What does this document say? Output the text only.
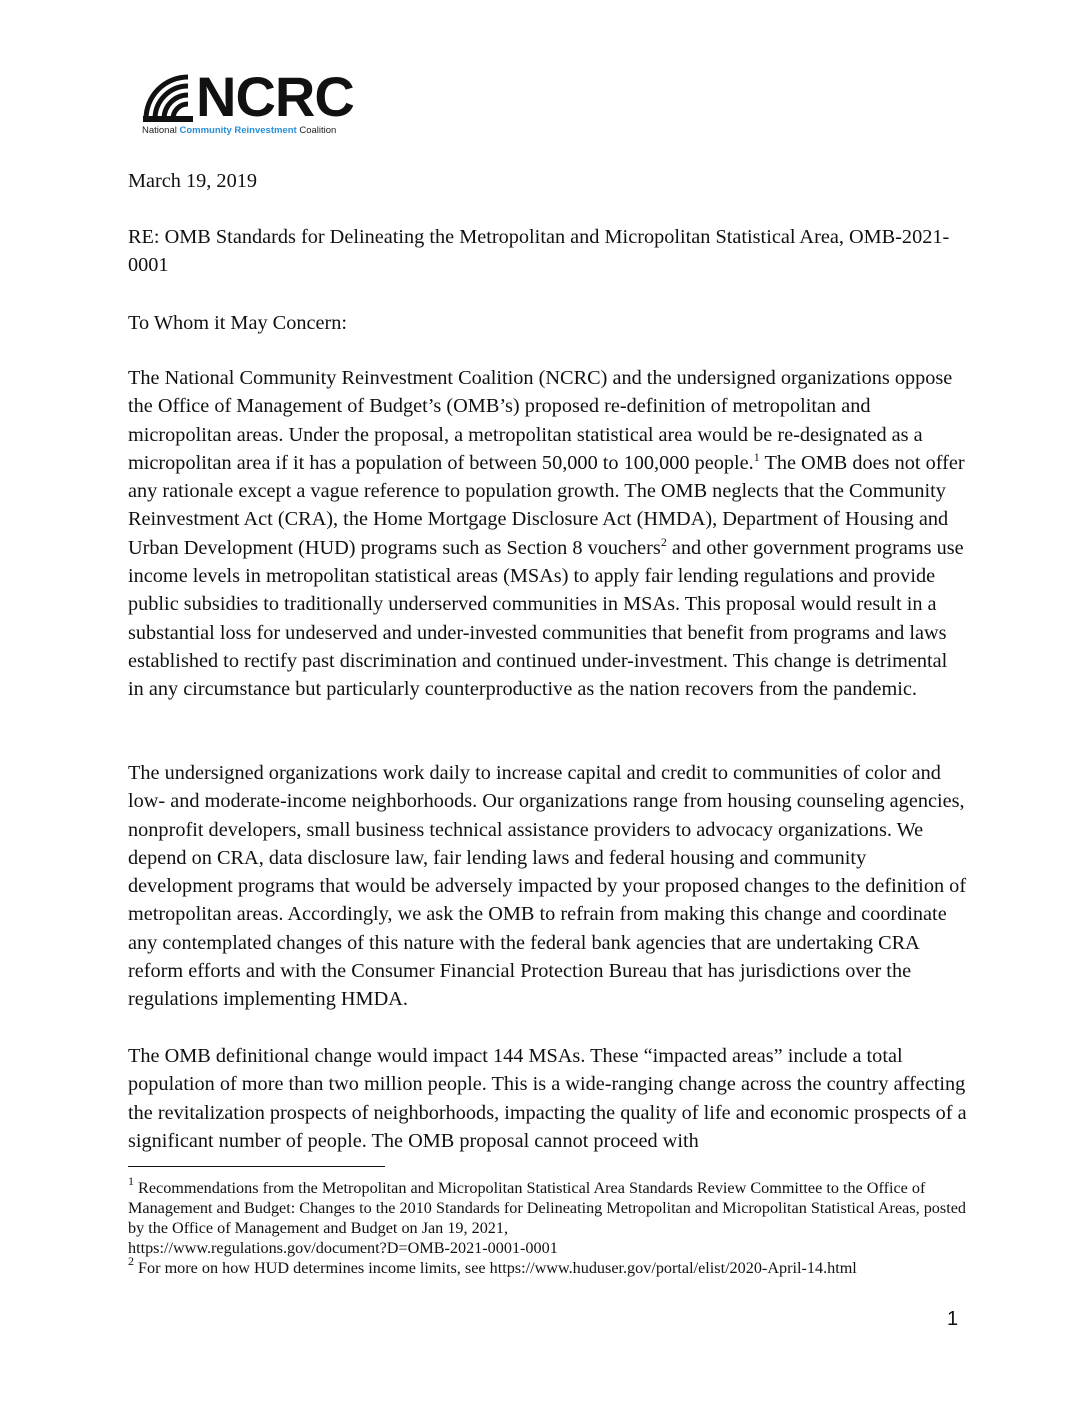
NCRC
National Community Reinvestment Coalition

March 19, 2019

RE: OMB Standards for Delineating the Metropolitan and Micropolitan Statistical Area, OMB-2021-0001

To Whom it May Concern:

The National Community Reinvestment Coalition (NCRC) and the undersigned organizations oppose the Office of Management of Budget’s (OMB’s) proposed re-definition of metropolitan and micropolitan areas. Under the proposal, a metropolitan statistical area would be re-designated as a micropolitan area if it has a population of between 50,000 to 100,000 people.$^1$ The OMB does not offer any rationale except a vague reference to population growth. The OMB neglects that the Community Reinvestment Act (CRA), the Home Mortgage Disclosure Act (HMDA), Department of Housing and Urban Development (HUD) programs such as Section 8 vouchers$^2$ and other government programs use income levels in metropolitan statistical areas (MSAs) to apply fair lending regulations and provide public subsidies to traditionally underserved communities in MSAs. This proposal would result in a substantial loss for undeserved and under-invested communities that benefit from programs and laws established to rectify past discrimination and continued under-investment. This change is detrimental in any circumstance but particularly counterproductive as the nation recovers from the pandemic.

The undersigned organizations work daily to increase capital and credit to communities of color and low- and moderate-income neighborhoods. Our organizations range from housing counseling agencies, nonprofit developers, small business technical assistance providers to advocacy organizations. We depend on CRA, data disclosure law, fair lending laws and federal housing and community development programs that would be adversely impacted by your proposed changes to the definition of metropolitan areas. Accordingly, we ask the OMB to refrain from making this change and coordinate any contemplated changes of this nature with the federal bank agencies that are undertaking CRA reform efforts and with the Consumer Financial Protection Bureau that has jurisdictions over the regulations implementing HMDA.

The OMB definitional change would impact 144 MSAs. These “impacted areas” include a total population of more than two million people. This is a wide-ranging change across the country affecting the revitalization prospects of neighborhoods, impacting the quality of life and economic prospects of a significant number of people. The OMB proposal cannot proceed with

$^1$ Recommendations from the Metropolitan and Micropolitan Statistical Area Standards Review Committee to the Office of Management and Budget: Changes to the 2010 Standards for Delineating Metropolitan and Micropolitan Statistical Areas, posted by the Office of Management and Budget on Jan 19, 2021,
https://www.regulations.gov/document?D=OMB-2021-0001-0001

$^2$ For more on how HUD determines income limits, see https://www.huduser.gov/portal/elist/2020-April-14.html

1
